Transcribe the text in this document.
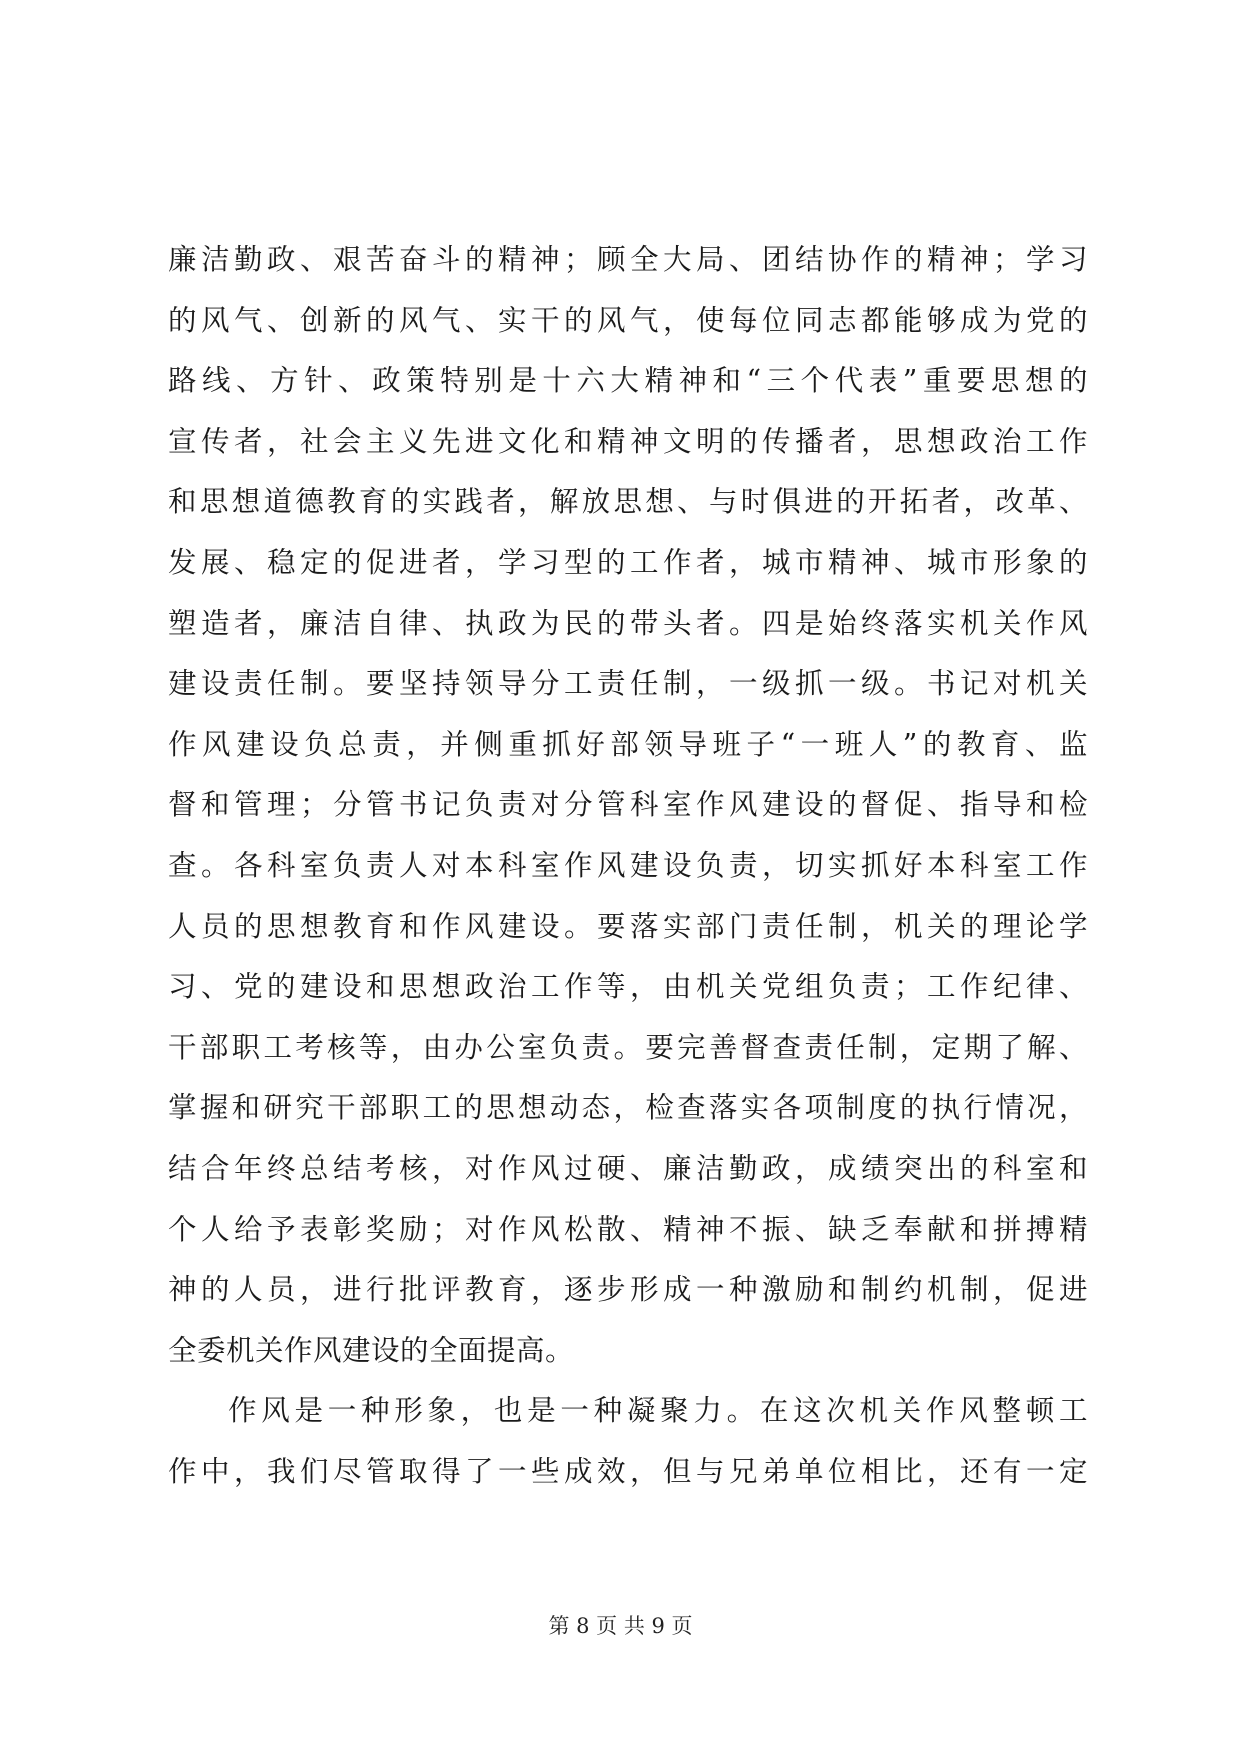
廉洁勤政、艰苦奋斗的精神；顾全大局、团结协作的精神；学习
的风气、创新的风气、实干的风气，使每位同志都能够成为党的
路线、方针、政策特别是十六大精神和“三个代表”重要思想的
宣传者，社会主义先进文化和精神文明的传播者，思想政治工作
和思想道德教育的实践者，解放思想、与时俱进的开拓者，改革、
发展、稳定的促进者，学习型的工作者，城市精神、城市形象的
塑造者，廉洁自律、执政为民的带头者。四是始终落实机关作风
建设责任制。要坚持领导分工责任制，一级抓一级。书记对机关
作风建设负总责，并侧重抓好部领导班子“一班人”的教育、监
督和管理；分管书记负责对分管科室作风建设的督促、指导和检
查。各科室负责人对本科室作风建设负责，切实抓好本科室工作
人员的思想教育和作风建设。要落实部门责任制，机关的理论学
习、党的建设和思想政治工作等，由机关党组负责；工作纪律、
干部职工考核等，由办公室负责。要完善督查责任制，定期了解、
掌握和研究干部职工的思想动态，检查落实各项制度的执行情况，
结合年终总结考核，对作风过硬、廉洁勤政，成绩突出的科室和
个人给予表彰奖励；对作风松散、精神不振、缺乏奉献和拼搏精
神的人员，进行批评教育，逐步形成一种激励和制约机制，促进
全委机关作风建设的全面提高。
作风是一种形象，也是一种凝聚力。在这次机关作风整顿工
作中，我们尽管取得了一些成效，但与兄弟单位相比，还有一定
第 8 页 共 9 页
